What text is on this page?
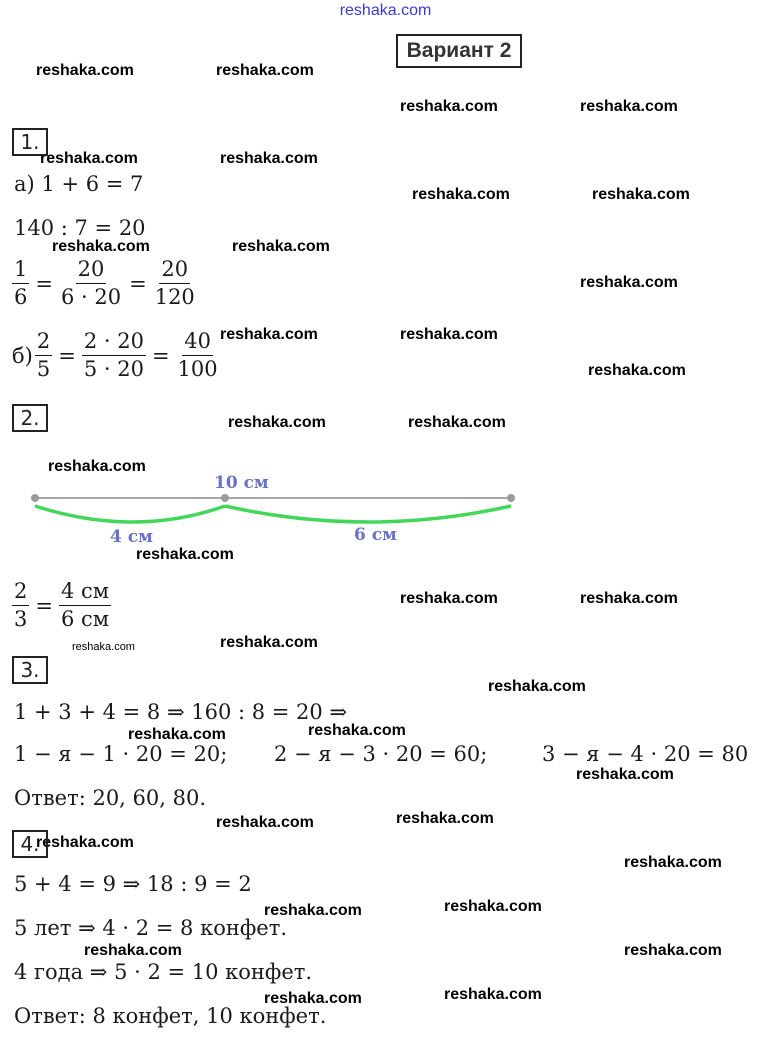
reshaka.com
Вариант 2
reshaka.com	reshaka.com
reshaka.com	reshaka.com
reshaka.com	reshaka.com
reshaka.com	reshaka.com
reshaka.com	reshaka.com
reshaka.com
reshaka.com	reshaka.com
reshaka.com
reshaka.com	reshaka.com
reshaka.com
reshaka.com
reshaka.com	reshaka.com
reshaka.com
reshaka.com
reshaka.com
reshaka.com	reshaka.com
reshaka.com
reshaka.com	reshaka.com
reshaka.com
reshaka.com
reshaka.com	reshaka.com
reshaka.com	reshaka.com
reshaka.com	reshaka.com
1.
а) 1 + 6 = 7
140 : 7 = 20
$\frac{1}{6} = \frac{20}{6 \cdot 20} = \frac{20}{120}$
$б) \frac{2}{5} = \frac{2 \cdot 20}{5 \cdot 20} = \frac{40}{100}$
2.
10 см
4 см	6 см
$\frac{2}{3} = \frac{4 см}{6 см}$
3.
1 + 3 + 4 = 8 ⇒ 160 : 8 = 20 ⇒
1 − я − 1 · 20 = 20; 2 − я − 3 · 20 = 60;	3 − я − 4 · 20 = 80
Ответ: 20, 60, 80.
4.
5 + 4 = 9 ⇒ 18 : 9 = 2
5 лет ⇒ 4 · 2 = 8 конфет.
4 года ⇒ 5 · 2 = 10 конфет.
Ответ: 8 конфет, 10 конфет.
